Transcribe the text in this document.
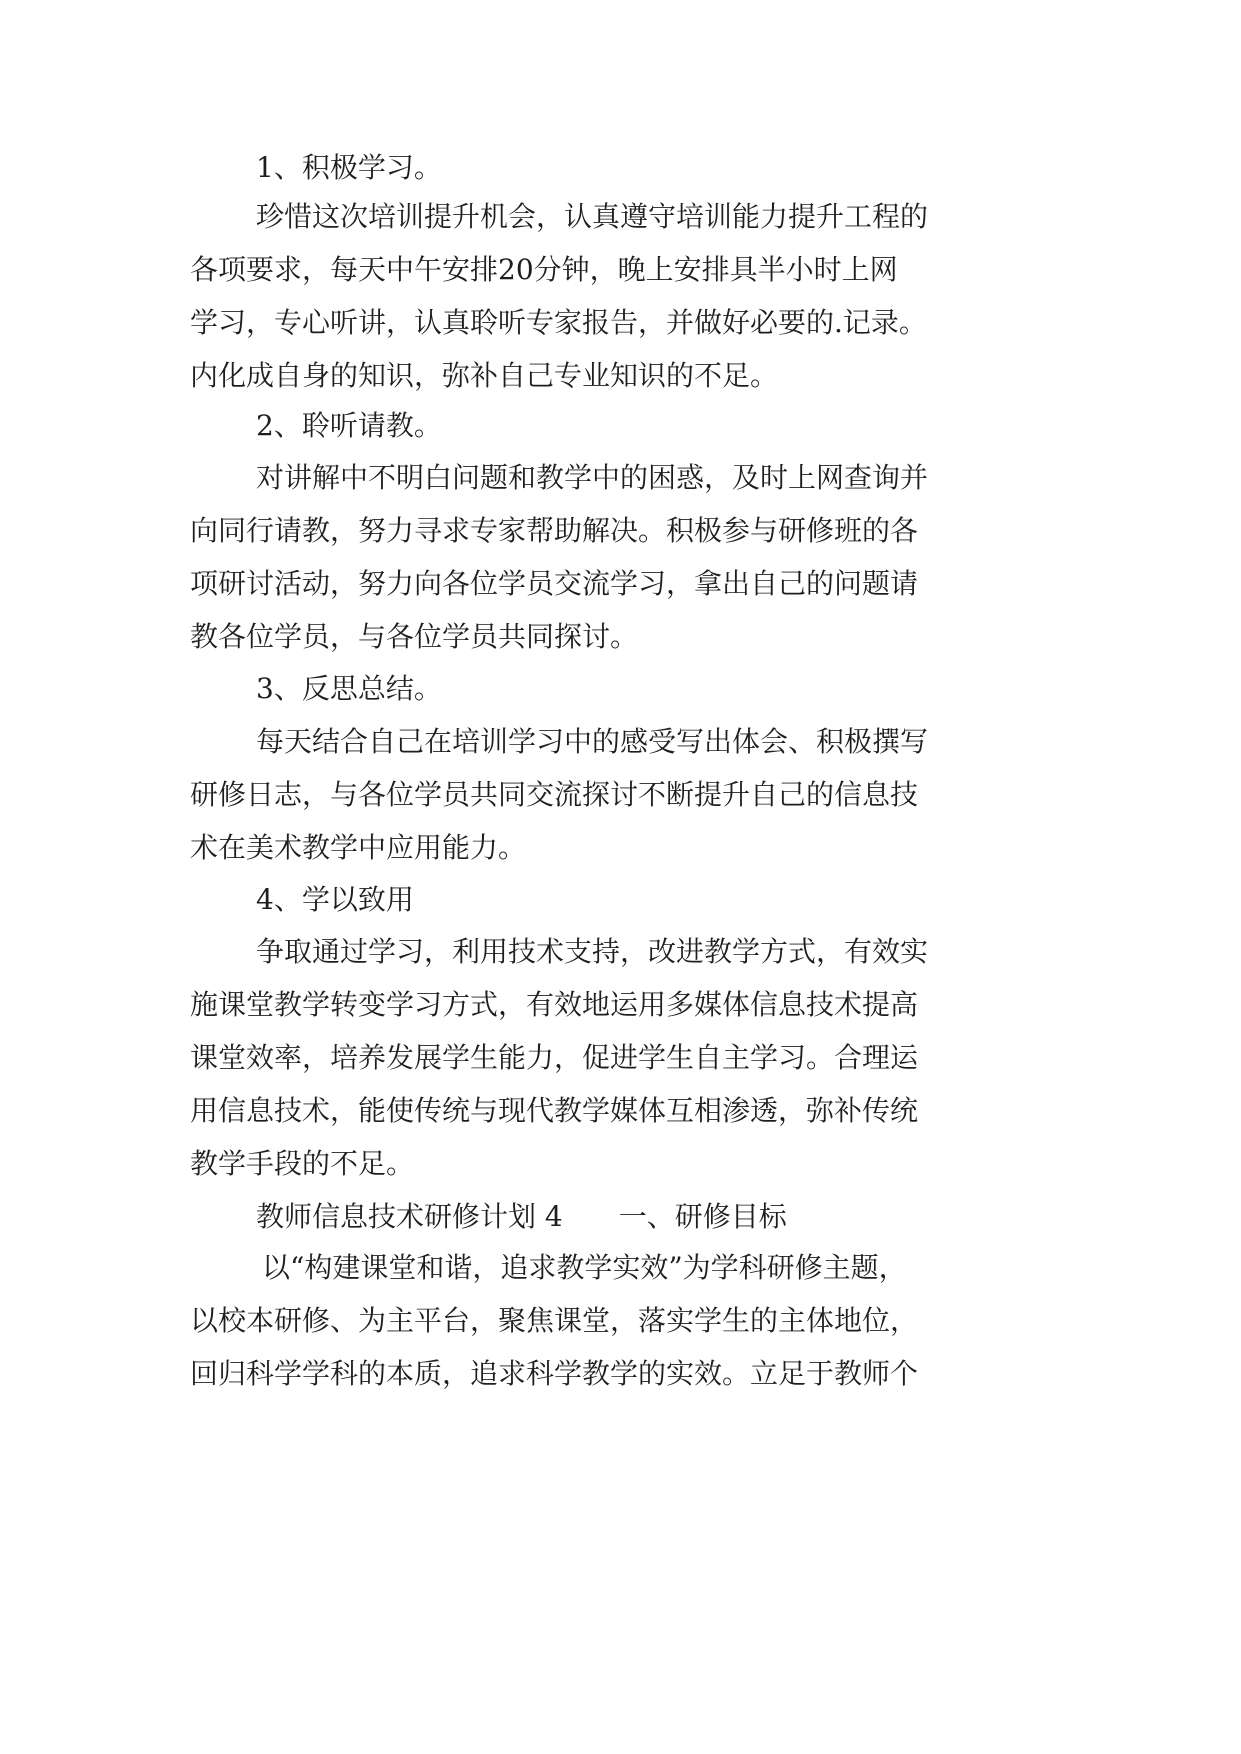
1、积极学习。
珍惜这次培训提升机会，认真遵守培训能力提升工程的
各项要求，每天中午安排20分钟，晚上安排具半小时上网
学习，专心听讲，认真聆听专家报告，并做好必要的.记录。
内化成自身的知识，弥补自己专业知识的不足。
2、聆听请教。
对讲解中不明白问题和教学中的困惑，及时上网查询并
向同行请教，努力寻求专家帮助解决。积极参与研修班的各
项研讨活动，努力向各位学员交流学习，拿出自己的问题请
教各位学员，与各位学员共同探讨。
3、反思总结。
每天结合自己在培训学习中的感受写出体会、积极撰写
研修日志，与各位学员共同交流探讨不断提升自己的信息技
术在美术教学中应用能力。
4、学以致用
争取通过学习，利用技术支持，改进教学方式，有效实
施课堂教学转变学习方式，有效地运用多媒体信息技术提高
课堂效率，培养发展学生能力，促进学生自主学习。合理运
用信息技术，能使传统与现代教学媒体互相渗透，弥补传统
教学手段的不足。
教师信息技术研修计划 4　　一、研修目标
以“构建课堂和谐，追求教学实效”为学科研修主题，
以校本研修、为主平台，聚焦课堂，落实学生的主体地位，
回归科学学科的本质，追求科学教学的实效。立足于教师个
